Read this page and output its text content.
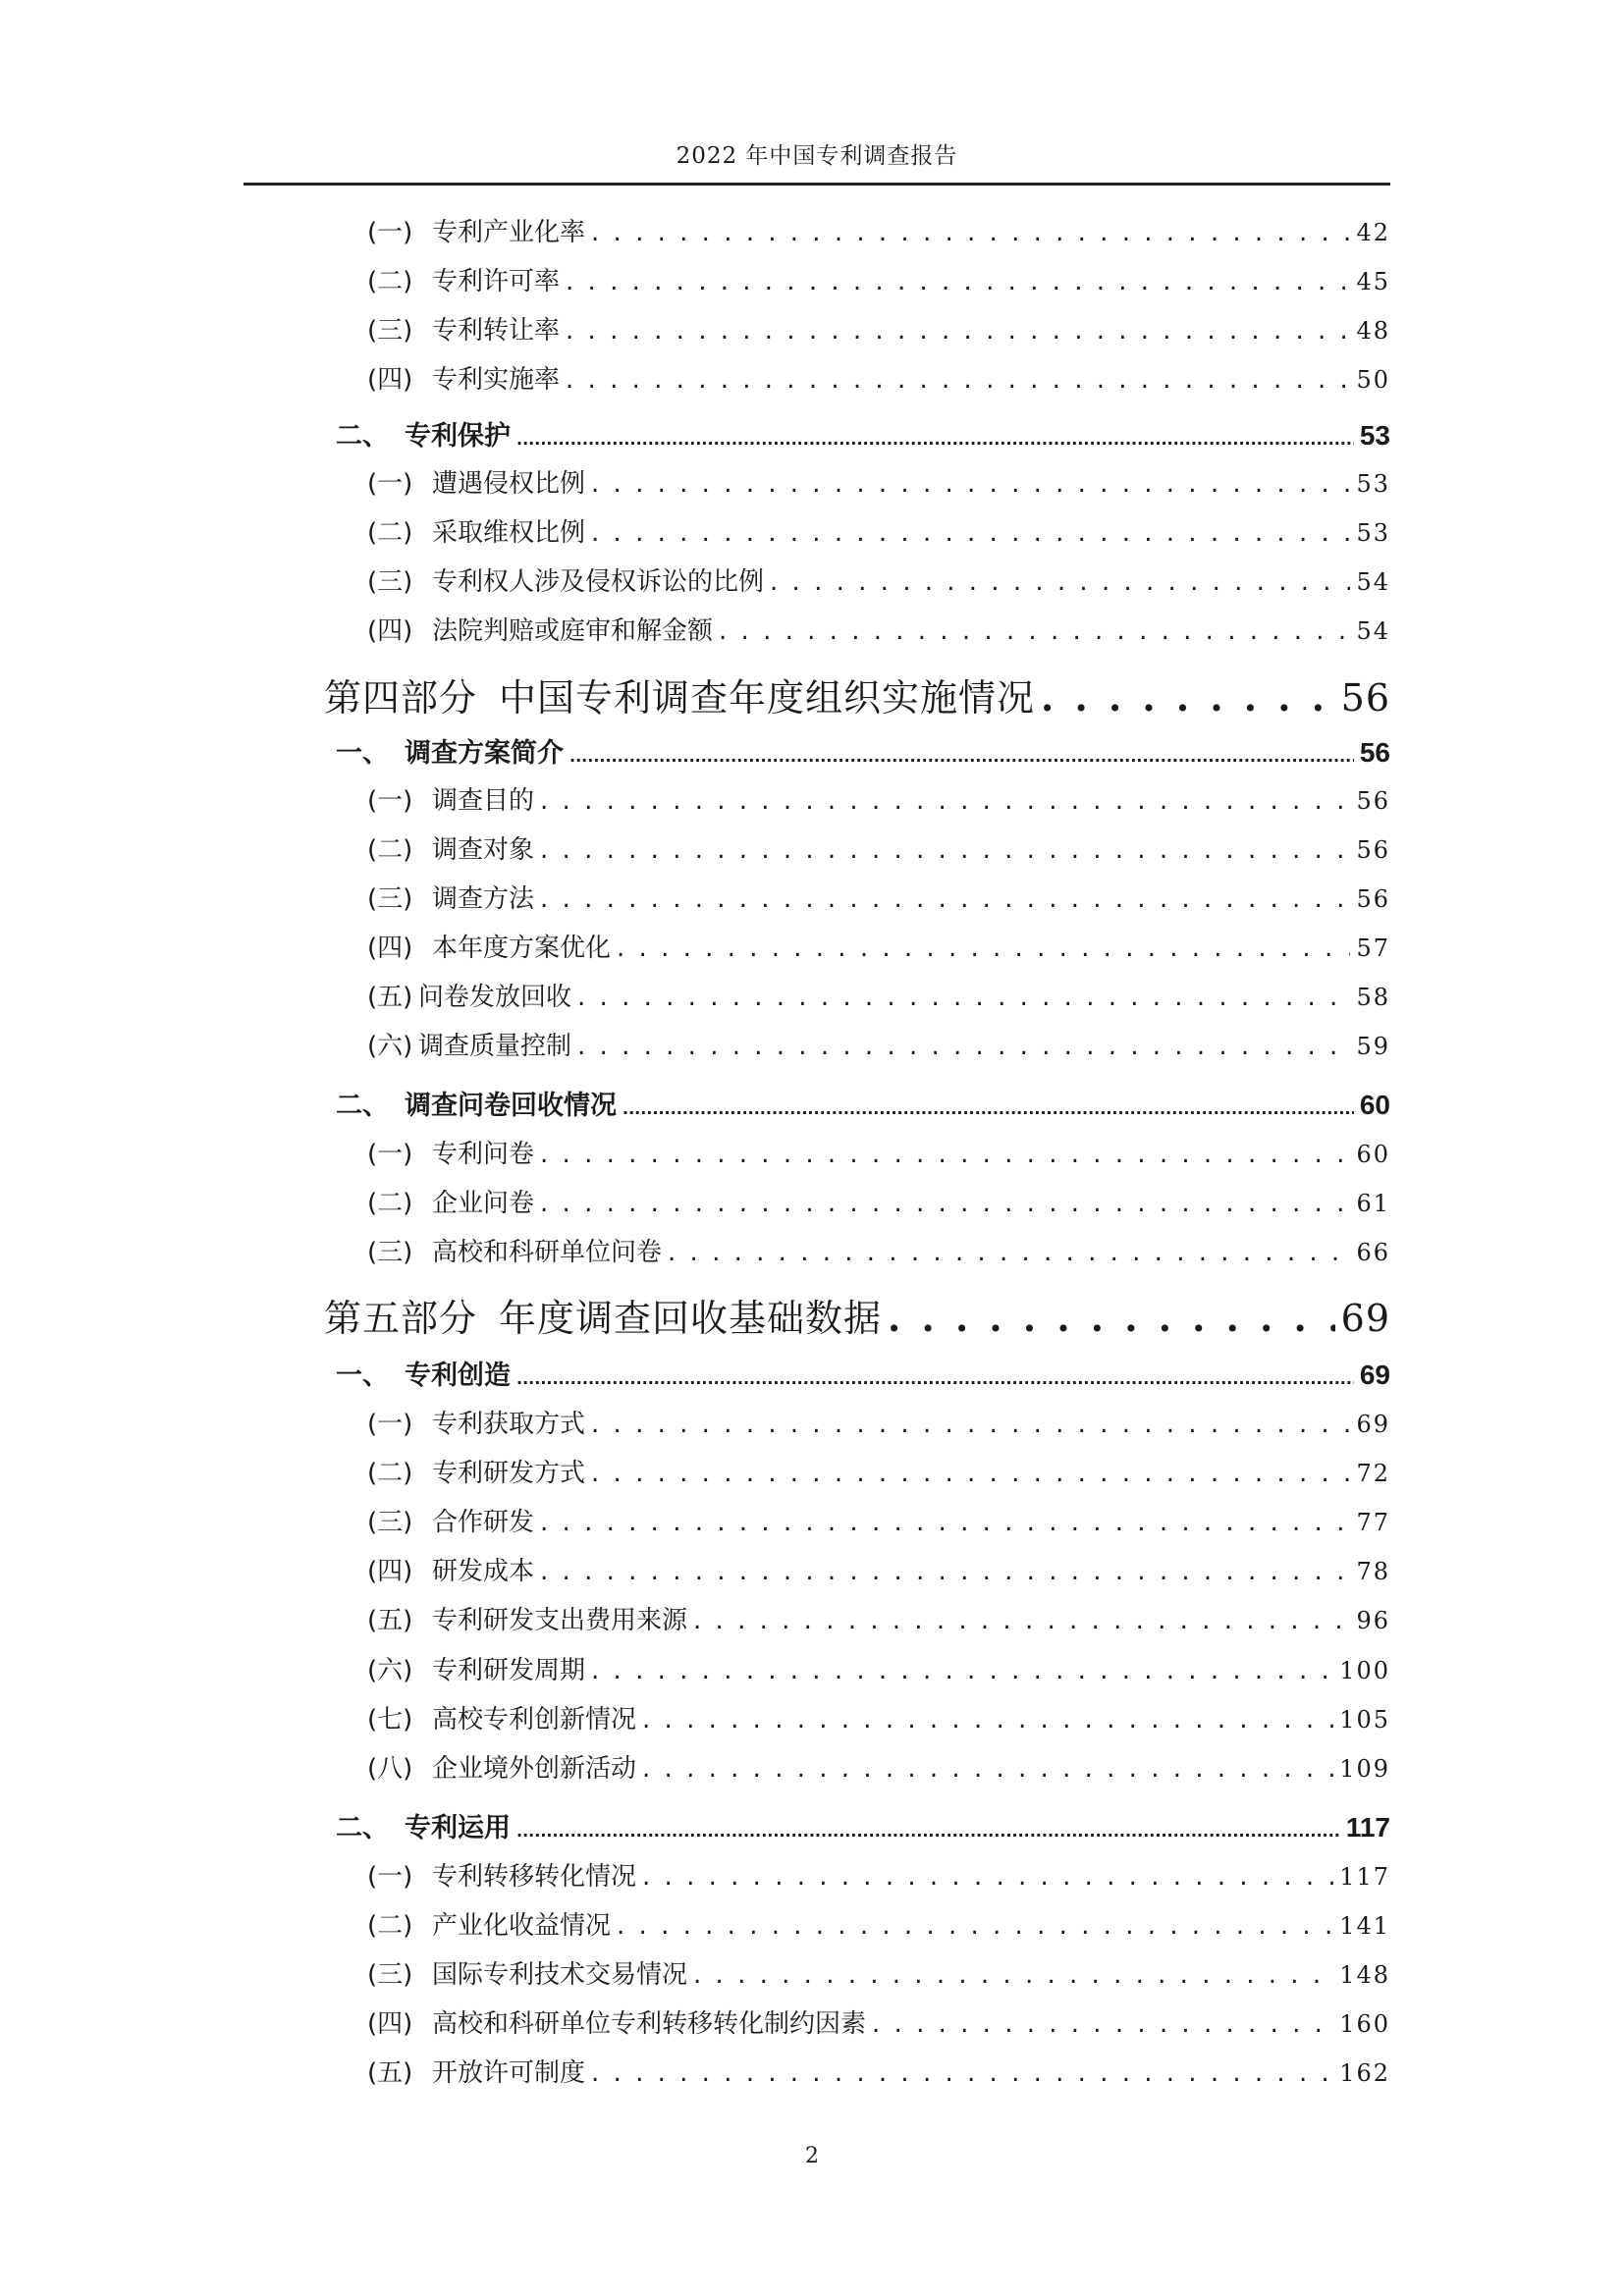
2022 年中国专利调查报告
(一) 专利产业化率 . . .	42
(二) 专利许可率 . . .	45
(三) 专利转让率 . . .	48
(四) 专利实施率 . . .	50
二、 专利保护 .....	53
(一) 遭遇侵权比例 . . .	53
(二) 采取维权比例 . . .	53
(三) 专利权人涉及侵权诉讼的比例 . . .	54
(四) 法院判赔或庭审和解金额 . . .	54
第四部分 中国专利调查年度组织实施情况 . . .	56
一、 调查方案简介 .....	56
(一) 调查目的 . . .	56
(二) 调查对象 . . .	56
(三) 调查方法 . . .	56
(四) 本年度方案优化 . . .	57
(五) 问卷发放回收 . . .	58
(六) 调查质量控制 . . .	59
二、 调查问卷回收情况 .....	60
(一) 专利问卷 . . .	60
(二) 企业问卷 . . .	61
(三) 高校和科研单位问卷 . . .	66
第五部分 年度调查回收基础数据 . . .	69
一、 专利创造 .....	69
(一) 专利获取方式 . . .	69
(二) 专利研发方式 . . .	72
(三) 合作研发 . . .	77
(四) 研发成本 . . .	78
(五) 专利研发支出费用来源 . . .	96
(六) 专利研发周期 . . .	100
(七) 高校专利创新情况 . . .	105
(八) 企业境外创新活动 . . .	109
二、 专利运用 .....	117
(一) 专利转移转化情况 . . .	117
(二) 产业化收益情况 . . .	141
(三) 国际专利技术交易情况 . . .	148
(四) 高校和科研单位专利转移转化制约因素 . . .	160
(五) 开放许可制度 . . .	162
2
